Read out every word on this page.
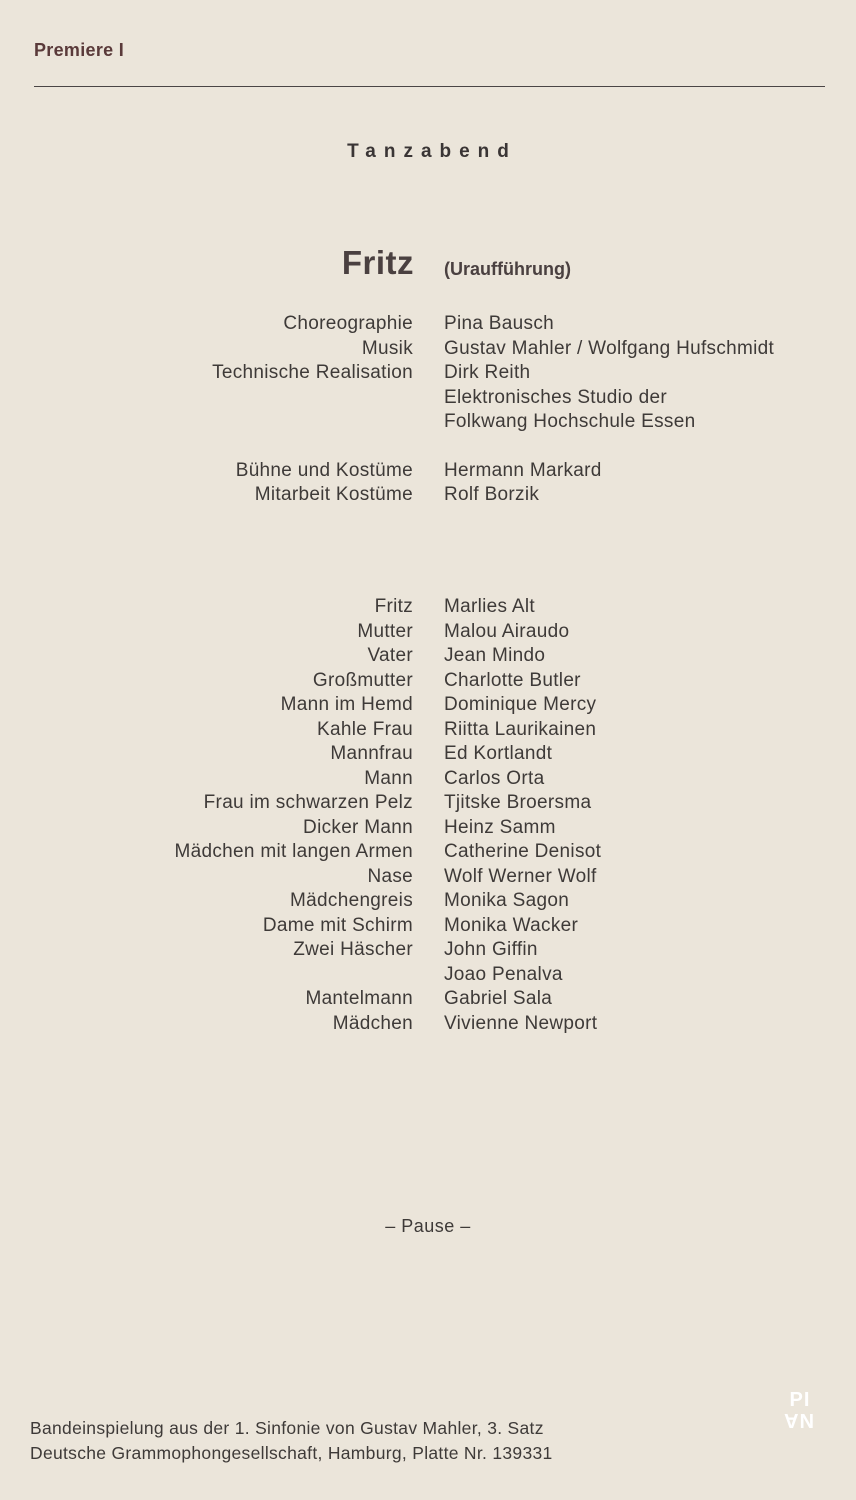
Premiere I
Tanzabend
Fritz (Uraufführung)
Choreographie Pina Bausch
Musik Gustav Mahler / Wolfgang Hufschmidt
Technische Realisation Dirk Reith
Elektronisches Studio der
Folkwang Hochschule Essen
Bühne und Kostüme Hermann Markard
Mitarbeit Kostüme Rolf Borzik
Fritz Marlies Alt
Mutter Malou Airaudo
Vater Jean Mindo
Großmutter Charlotte Butler
Mann im Hemd Dominique Mercy
Kahle Frau Riitta Laurikainen
Mannfrau Ed Kortlandt
Mann Carlos Orta
Frau im schwarzen Pelz Tjitske Broersma
Dicker Mann Heinz Samm
Mädchen mit langen Armen Catherine Denisot
Nase Wolf Werner Wolf
Mädchengreis Monika Sagon
Dame mit Schirm Monika Wacker
Zwei Häscher John Giffin
Joao Penalva
Mantelmann Gabriel Sala
Mädchen Vivienne Newport
– Pause –
Bandeinspielung aus der 1. Sinfonie von Gustav Mahler, 3. Satz
Deutsche Grammophongesellschaft, Hamburg, Platte Nr. 139331
PI
NA
